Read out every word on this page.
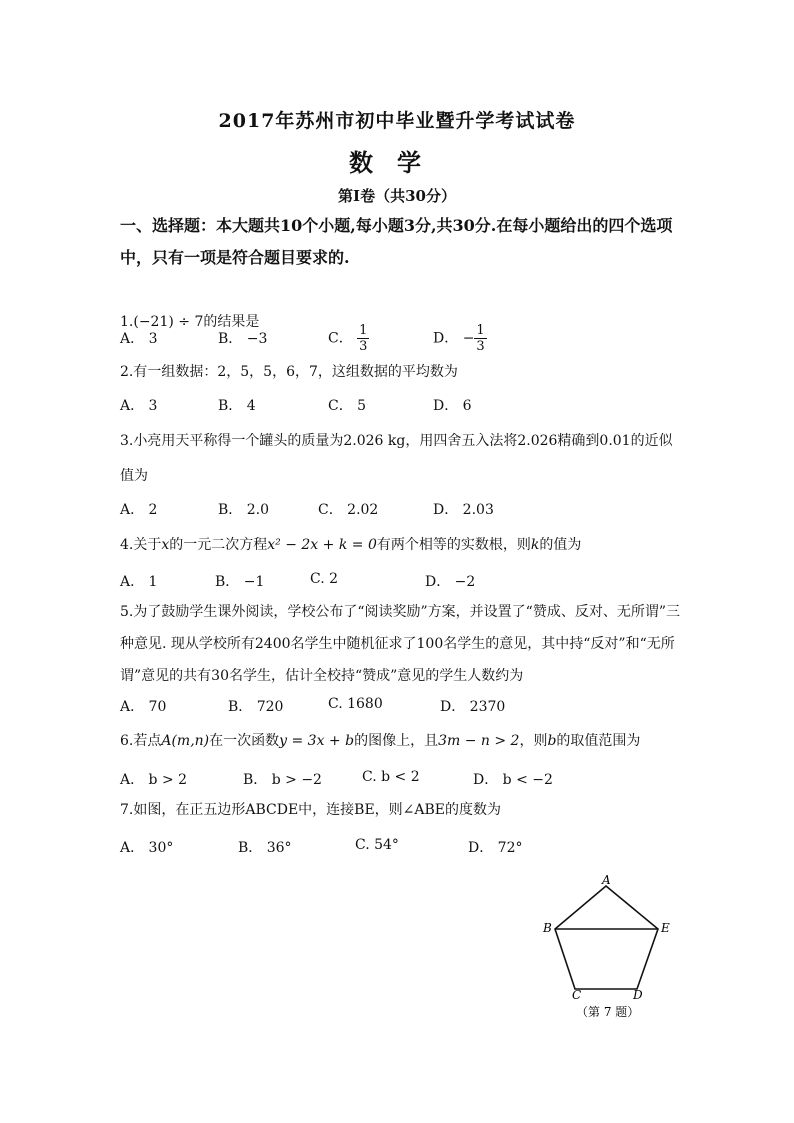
2017年苏州市初中毕业暨升学考试试卷
数学
第I卷（共30分）
一、选择题：本大题共10个小题,每小题3分,共30分.在每小题给出的四个选项
中，只有一项是符合题目要求的.
1.(−21) ÷ 7的结果是
A． 3	B． −3	C． $\frac{1}{3}$	D． − $\frac{1}{3}$
2.有一组数据：2，5，5，6，7，这组数据的平均数为
A． 3	B． 4	C． 5	D． 6
3.小亮用天平称得一个罐头的质量为2.026 kg，用四舍五入法将2.026精确到0.01的近似
值为
A． 2	B． 2.0	C． 2.02	D． 2.03
4.关于x的一元二次方程x² − 2x + k = 0有两个相等的实数根，则k的值为
A． 1	B． −1	C. 2	D． −2
5.为了鼓励学生课外阅读，学校公布了“阅读奖励”方案，并设置了“赞成、反对、无所谓”三
种意见. 现从学校所有2400名学生中随机征求了100名学生的意见，其中持“反对”和“无所
谓”意见的共有30名学生，估计全校持“赞成”意见的学生人数约为
A． 70	B． 720	C. 1680	D． 2370
6.若点A(m,n)在一次函数y = 3x + b的图像上，且3m − n > 2，则b的取值范围为
A． b > 2	B． b > −2	C. b < 2	D． b < −2
7.如图，在正五边形ABCDE中，连接BE，则∠ABE的度数为
A． 30°	B． 36°	C. 54°	D． 72°
A
B	E
C	D
（第 7 题）
